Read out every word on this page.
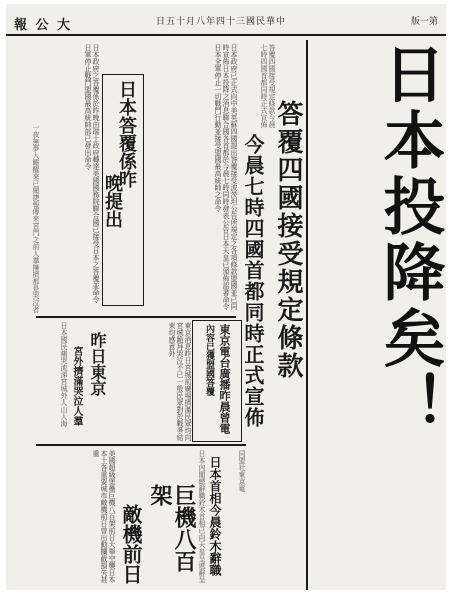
報 公 大	日五十月八年四十三國民華中	版一第
日本投降矣！
答覆四國接受規定條款
今晨七時四國首都同時正式宣佈
答覆四國接受規定條款今晨七時四國首都同時正式宣佈
日本答覆係昨
晚提出	日本政府已正式向中美英蘇四國提出答覆接受波茨坦公告所規定之各項條款盟國並已同時宣佈日本投降之消息聯合國各首都於今晨七時同時發表公告日本天皇已頒佈詔書命令日本全軍停止一切戰鬥行動並接受盟國最高統帥之命令
日本政府之答覆係於昨晚由瑞士政府轉達美國國務院聯合國已接受日本之答覆並命令日軍停止戰鬥盟國最高統帥部已發出命令
一夜無夢入睡醒來已聞捷報傳來宮門之前人羣擁擠都是哭泣者
昨日東京
宮外擠滿哭泣人羣	東京消息昨日宮城前廣場擠滿民眾均向宮城跪拜哭泣不已一般民眾對於戰爭結束均感意外
日本國民痛哭流涕宮城外人山人海	東京電台廣播昨晨曾電
內容已獲盟國答覆
巨機八百架
敵機前日
美國超級堡壘巨機八百架前日大舉空襲日本本土各重要城市敵機前日曾出動攔截損失甚重
日本首相今晨鈴木辭職
日本內閣總辭職鈴木首相已向天皇呈遞辭呈	同盟社東京電
